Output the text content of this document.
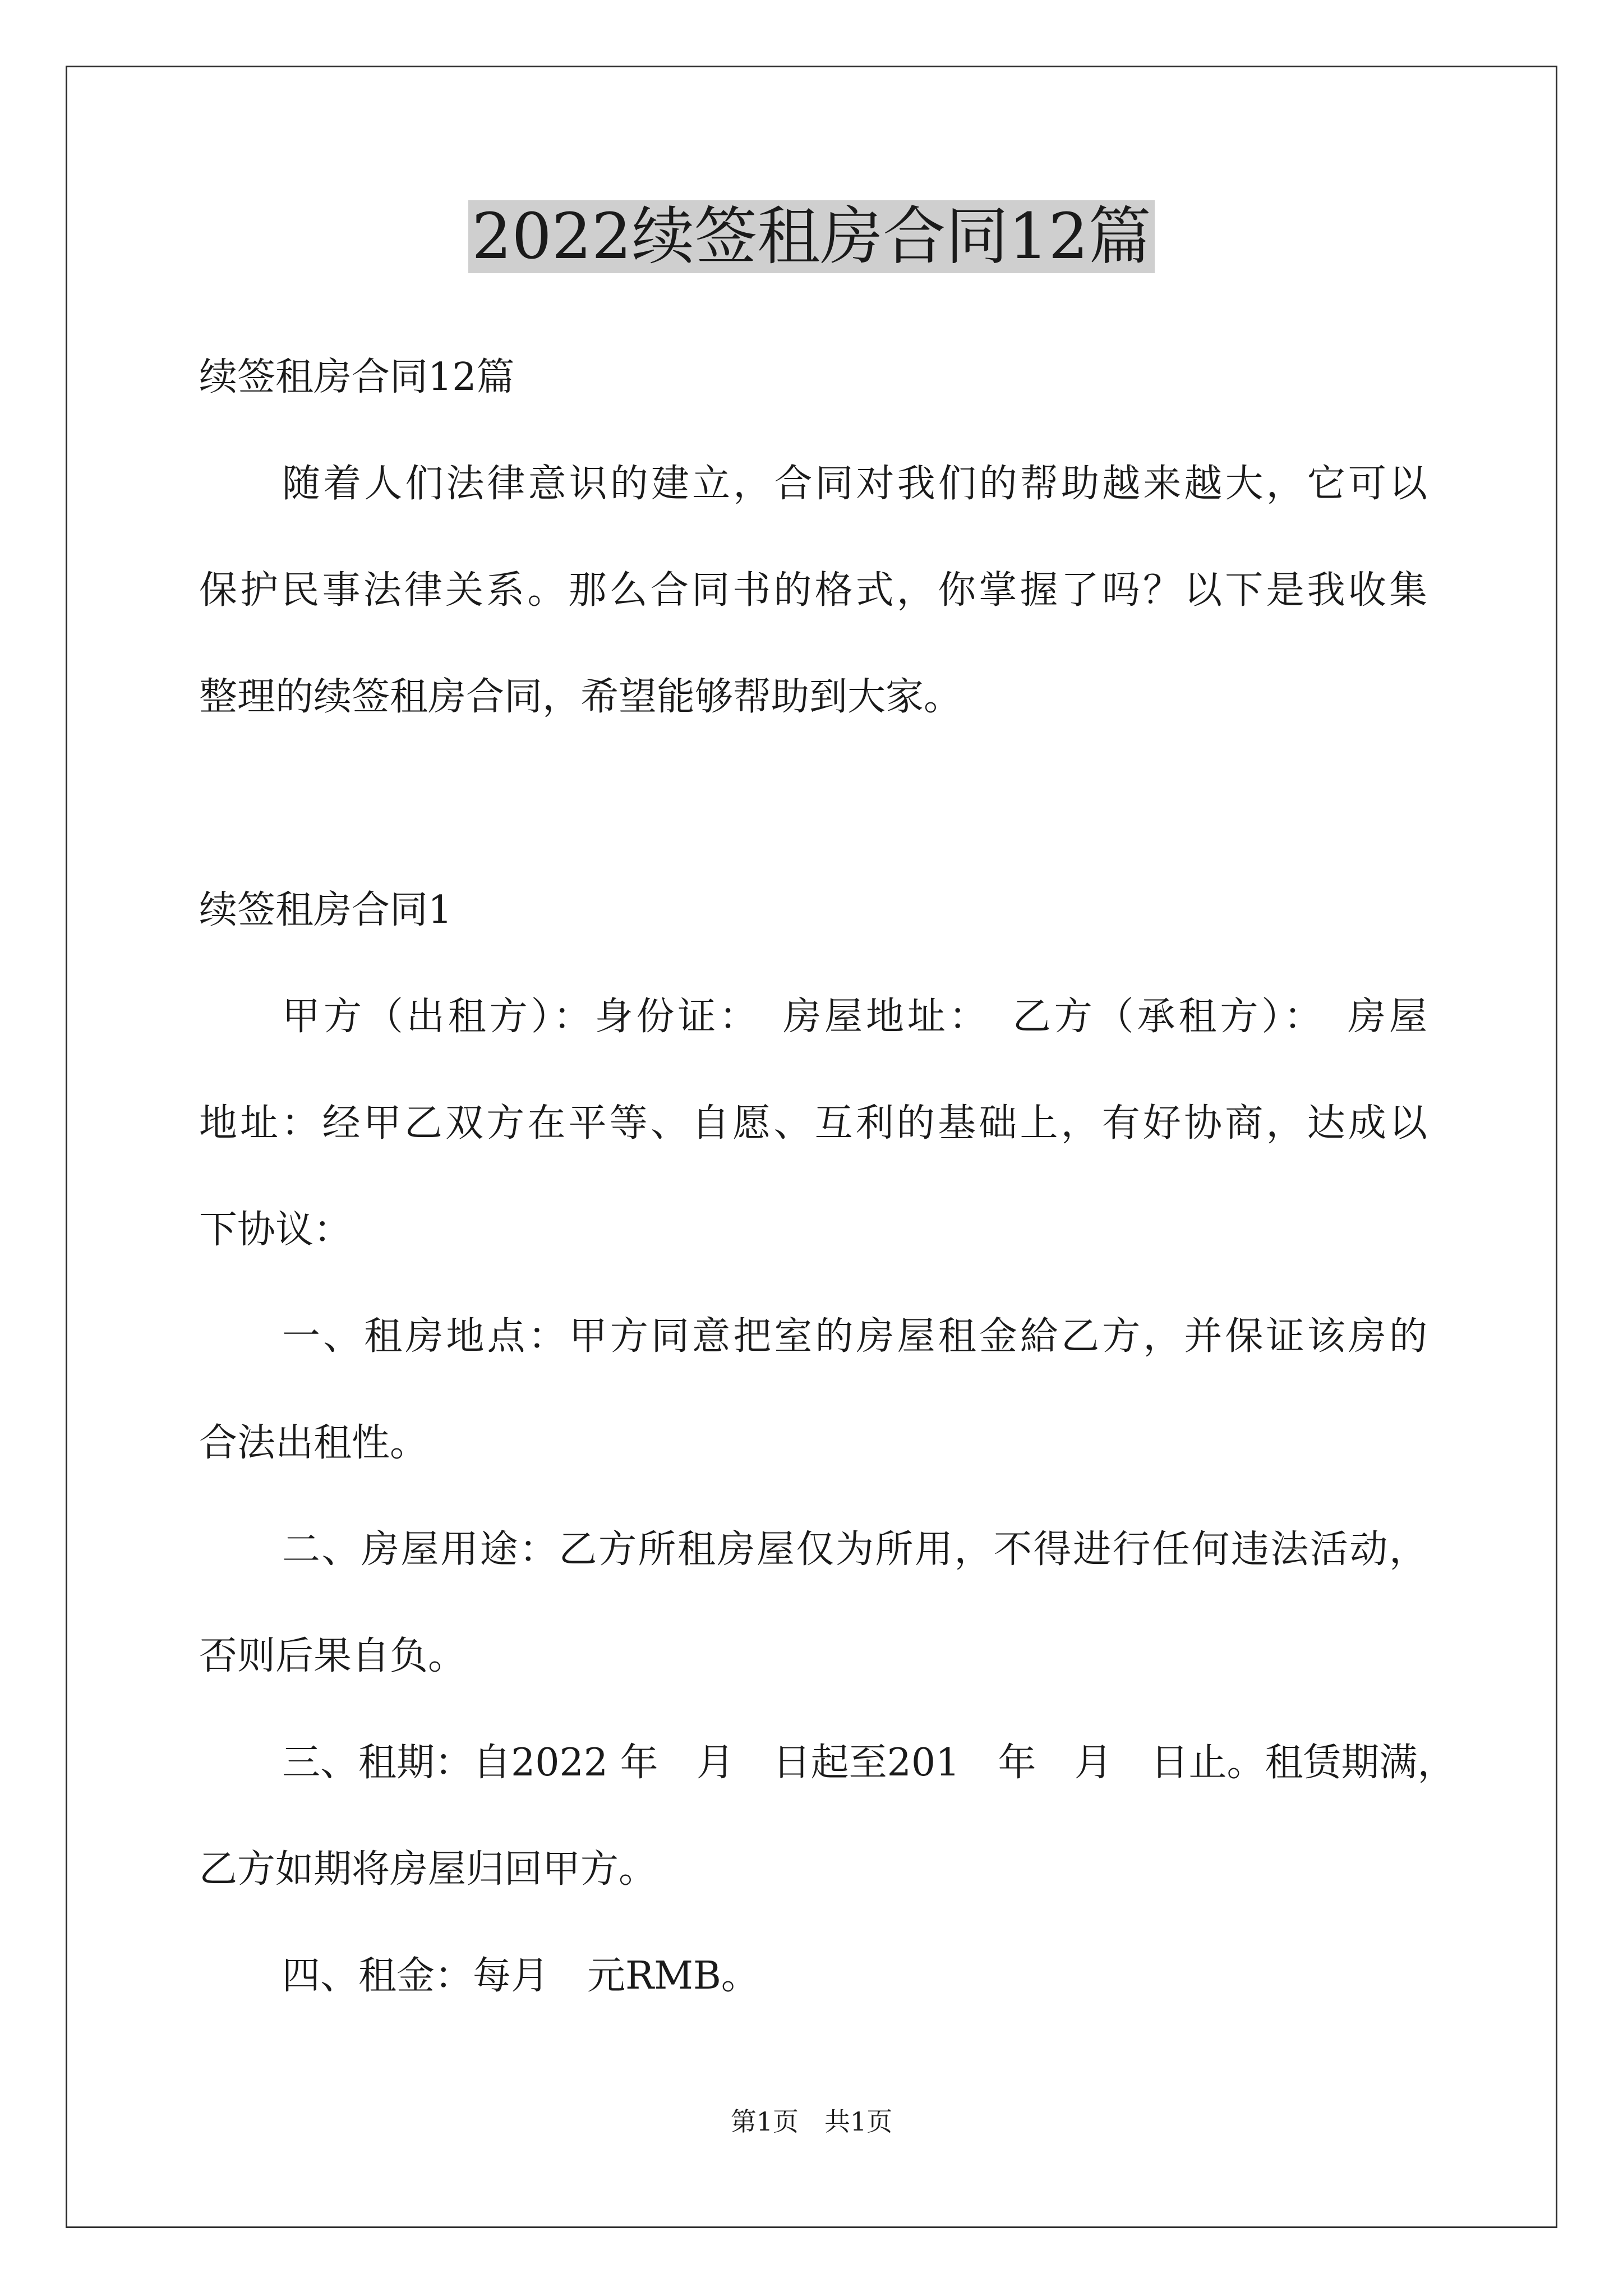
2022续签租房合同12篇

续签租房合同12篇

随着人们法律意识的建立，合同对我们的帮助越来越大，它可以

保护民事法律关系。那么合同书的格式，你掌握了吗？以下是我收集

整理的续签租房合同，希望能够帮助到大家。

续签租房合同1

甲方（出租方）：身份证：　房屋地址：　乙方（承租方）：　房屋

地址：经甲乙双方在平等、自愿、互利的基础上，有好协商，达成以

下协议：

一、租房地点：甲方同意把室的房屋租金給乙方，并保证该房的

合法出租性。

二、房屋用途：乙方所租房屋仅为所用，不得进行任何违法活动，

否则后果自负。

三、租期：自2022 年　月　日起至201　年　月　日止。租赁期满，

乙方如期将房屋归回甲方。

四、租金：每月　元RMB。

第1页　共1页
